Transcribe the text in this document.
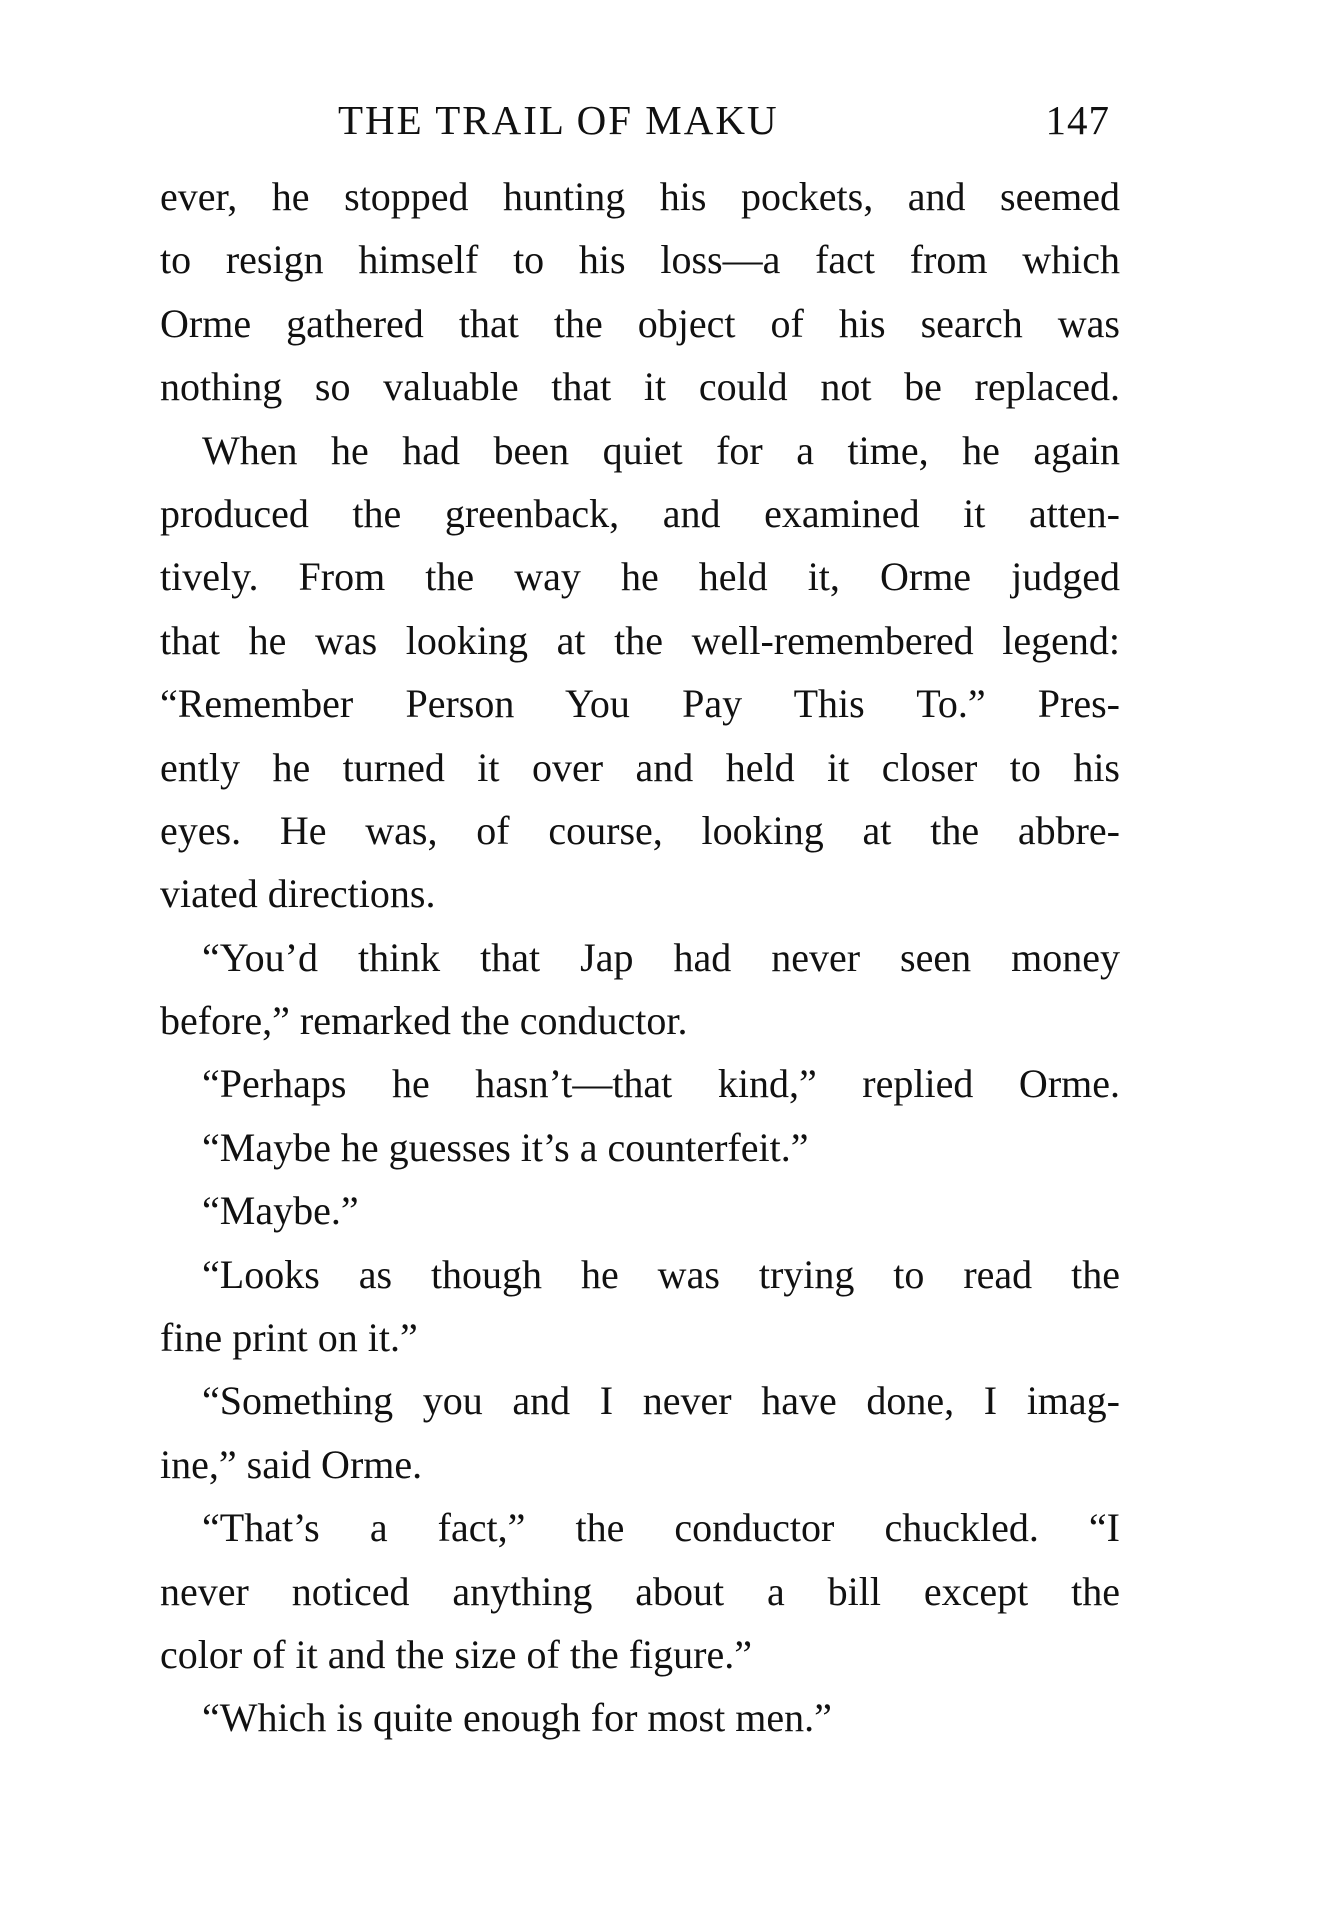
THE TRAIL OF MAKU	147
ever, he stopped hunting his pockets, and seemed
to resign himself to his loss—a fact from which
Orme gathered that the object of his search was
nothing so valuable that it could not be replaced.
When he had been quiet for a time, he again
produced the greenback, and examined it atten-
tively. From the way he held it, Orme judged
that he was looking at the well-remembered legend:
“Remember Person You Pay This To.” Pres-
ently he turned it over and held it closer to his
eyes. He was, of course, looking at the abbre-
viated directions.
“You’d think that Jap had never seen money
before,” remarked the conductor.
“Perhaps he hasn’t—that kind,” replied Orme.
“Maybe he guesses it’s a counterfeit.”
“Maybe.”
“Looks as though he was trying to read the
fine print on it.”
“Something you and I never have done, I imag-
ine,” said Orme.
“That’s a fact,” the conductor chuckled. “I
never noticed anything about a bill except the
color of it and the size of the figure.”
“Which is quite enough for most men.”
